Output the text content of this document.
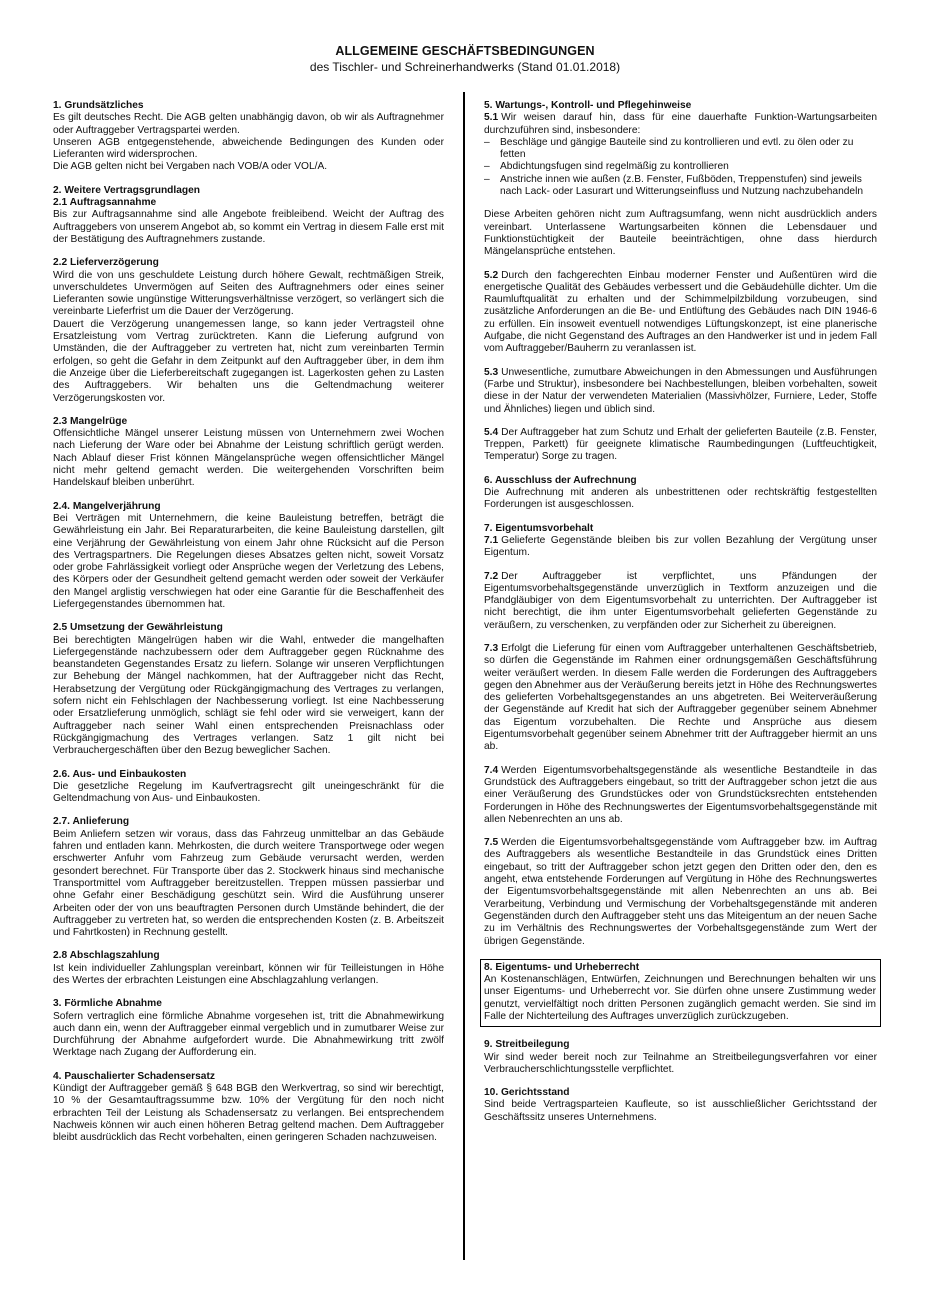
ALLGEMEINE GESCHÄFTSBEDINGUNGEN
des Tischler- und Schreinerhandwerks (Stand 01.01.2018)
1. Grundsätzliches
Es gilt deutsches Recht. Die AGB gelten unabhängig davon, ob wir als Auftragnehmer oder Auftraggeber Vertragspartei werden.
Unseren AGB entgegenstehende, abweichende Bedingungen des Kunden oder Lieferanten wird widersprochen.
Die AGB gelten nicht bei Vergaben nach VOB/A oder VOL/A.
2. Weitere Vertragsgrundlagen
2.1 Auftragsannahme
Bis zur Auftragsannahme sind alle Angebote freibleibend. Weicht der Auftrag des Auftraggebers von unserem Angebot ab, so kommt ein Vertrag in diesem Falle erst mit der Bestätigung des Auftragnehmers zustande.
2.2 Lieferverzögerung
Wird die von uns geschuldete Leistung durch höhere Gewalt, rechtmäßigen Streik, unverschuldetes Unvermögen auf Seiten des Auftragnehmers oder eines seiner Lieferanten sowie ungünstige Witterungsverhältnisse verzögert, so verlängert sich die vereinbarte Lieferfrist um die Dauer der Verzögerung.
Dauert die Verzögerung unangemessen lange, so kann jeder Vertragsteil ohne Ersatzleistung vom Vertrag zurücktreten. Kann die Lieferung aufgrund von Umständen, die der Auftraggeber zu vertreten hat, nicht zum vereinbarten Termin erfolgen, so geht die Gefahr in dem Zeitpunkt auf den Auftraggeber über, in dem ihm die Anzeige über die Lieferbereitschaft zugegangen ist. Lagerkosten gehen zu Lasten des Auftraggebers. Wir behalten uns die Geltendmachung weiterer Verzögerungskosten vor.
2.3 Mangelrüge
Offensichtliche Mängel unserer Leistung müssen von Unternehmern zwei Wochen nach Lieferung der Ware oder bei Abnahme der Leistung schriftlich gerügt werden. Nach Ablauf dieser Frist können Mängelansprüche wegen offensichtlicher Mängel nicht mehr geltend gemacht werden. Die weitergehenden Vorschriften beim Handelskauf bleiben unberührt.
2.4. Mangelverjährung
Bei Verträgen mit Unternehmern, die keine Bauleistung betreffen, beträgt die Gewährleistung ein Jahr. Bei Reparaturarbeiten, die keine Bauleistung darstellen, gilt eine Verjährung der Gewährleistung von einem Jahr ohne Rücksicht auf die Person des Vertragspartners. Die Regelungen dieses Absatzes gelten nicht, soweit Vorsatz oder grobe Fahrlässigkeit vorliegt oder Ansprüche wegen der Verletzung des Lebens, des Körpers oder der Gesundheit geltend gemacht werden oder soweit der Verkäufer den Mangel arglistig verschwiegen hat oder eine Garantie für die Beschaffenheit des Liefergegenstandes übernommen hat.
2.5 Umsetzung der Gewährleistung
Bei berechtigten Mängelrügen haben wir die Wahl, entweder die mangelhaften Liefergegenstände nachzubessern oder dem Auftraggeber gegen Rücknahme des beanstandeten Gegenstandes Ersatz zu liefern. Solange wir unseren Verpflichtungen zur Behebung der Mängel nachkommen, hat der Auftraggeber nicht das Recht, Herabsetzung der Vergütung oder Rückgängigmachung des Vertrages zu verlangen, sofern nicht ein Fehlschlagen der Nachbesserung vorliegt. Ist eine Nachbesserung oder Ersatzlieferung unmöglich, schlägt sie fehl oder wird sie verweigert, kann der Auftraggeber nach seiner Wahl einen entsprechenden Preisnachlass oder Rückgängigmachung des Vertrages verlangen. Satz 1 gilt nicht bei Verbrauchergeschäften über den Bezug beweglicher Sachen.
2.6. Aus- und Einbaukosten
Die gesetzliche Regelung im Kaufvertragsrecht gilt uneingeschränkt für die Geltendmachung von Aus- und Einbaukosten.
2.7. Anlieferung
Beim Anliefern setzen wir voraus, dass das Fahrzeug unmittelbar an das Gebäude fahren und entladen kann. Mehrkosten, die durch weitere Transportwege oder wegen erschwerter Anfuhr vom Fahrzeug zum Gebäude verursacht werden, werden gesondert berechnet. Für Transporte über das 2. Stockwerk hinaus sind mechanische Transportmittel vom Auftraggeber bereitzustellen. Treppen müssen passierbar und ohne Gefahr einer Beschädigung geschützt sein. Wird die Ausführung unserer Arbeiten oder der von uns beauftragten Personen durch Umstände behindert, die der Auftraggeber zu vertreten hat, so werden die entsprechenden Kosten (z. B. Arbeitszeit und Fahrtkosten) in Rechnung gestellt.
2.8 Abschlagszahlung
Ist kein individueller Zahlungsplan vereinbart, können wir für Teilleistungen in Höhe des Wertes der erbrachten Leistungen eine Abschlagzahlung verlangen.
3. Förmliche Abnahme
Sofern vertraglich eine förmliche Abnahme vorgesehen ist, tritt die Abnahmewirkung auch dann ein, wenn der Auftraggeber einmal vergeblich und in zumutbarer Weise zur Durchführung der Abnahme aufgefordert wurde. Die Abnahmewirkung tritt zwölf Werktage nach Zugang der Aufforderung ein.
4. Pauschalierter Schadensersatz
Kündigt der Auftraggeber gemäß § 648 BGB den Werkvertrag, so sind wir berechtigt, 10 % der Gesamtauftragssumme bzw. 10% der Vergütung für den noch nicht erbrachten Teil der Leistung als Schadensersatz zu verlangen. Bei entsprechendem Nachweis können wir auch einen höheren Betrag geltend machen. Dem Auftraggeber bleibt ausdrücklich das Recht vorbehalten, einen geringeren Schaden nachzuweisen.
5. Wartungs-, Kontroll- und Pflegehinweise
5.1 Wir weisen darauf hin, dass für eine dauerhafte Funktion-Wartungsarbeiten durchzuführen sind, insbesondere:
– Beschläge und gängige Bauteile sind zu kontrollieren und evtl. zu ölen oder zu fetten
– Abdichtungsfugen sind regelmäßig zu kontrollieren
– Anstriche innen wie außen (z.B. Fenster, Fußböden, Treppenstufen) sind jeweils nach Lack- oder Lasurart und Witterungseinfluss und Nutzung nachzubehandeln
Diese Arbeiten gehören nicht zum Auftragsumfang, wenn nicht ausdrücklich anders vereinbart. Unterlassene Wartungsarbeiten können die Lebensdauer und Funktionstüchtigkeit der Bauteile beeinträchtigen, ohne dass hierdurch Mängelansprüche entstehen.
5.2 Durch den fachgerechten Einbau moderner Fenster und Außentüren wird die energetische Qualität des Gebäudes verbessert und die Gebäudehülle dichter. Um die Raumluftqualität zu erhalten und der Schimmelpilzbildung vorzubeugen, sind zusätzliche Anforderungen an die Be- und Entlüftung des Gebäudes nach DIN 1946-6 zu erfüllen. Ein insoweit eventuell notwendiges Lüftungskonzept, ist eine planerische Aufgabe, die nicht Gegenstand des Auftrages an den Handwerker ist und in jedem Fall vom Auftraggeber/Bauherrn zu veranlassen ist.
5.3 Unwesentliche, zumutbare Abweichungen in den Abmessungen und Ausführungen (Farbe und Struktur), insbesondere bei Nachbestellungen, bleiben vorbehalten, soweit diese in der Natur der verwendeten Materialien (Massivhölzer, Furniere, Leder, Stoffe und Ähnliches) liegen und üblich sind.
5.4 Der Auftraggeber hat zum Schutz und Erhalt der gelieferten Bauteile (z.B. Fenster, Treppen, Parkett) für geeignete klimatische Raumbedingungen (Luftfeuchtigkeit, Temperatur) Sorge zu tragen.
6. Ausschluss der Aufrechnung
Die Aufrechnung mit anderen als unbestrittenen oder rechtskräftig festgestellten Forderungen ist ausgeschlossen.
7. Eigentumsvorbehalt
7.1 Gelieferte Gegenstände bleiben bis zur vollen Bezahlung der Vergütung unser Eigentum.
7.2 Der Auftraggeber ist verpflichtet, uns Pfändungen der Eigentumsvorbehaltsgegenstände unverzüglich in Textform anzuzeigen und die Pfandgläubiger von dem Eigentumsvorbehalt zu unterrichten. Der Auftraggeber ist nicht berechtigt, die ihm unter Eigentumsvorbehalt gelieferten Gegenstände zu veräußern, zu verschenken, zu verpfänden oder zur Sicherheit zu übereignen.
7.3 Erfolgt die Lieferung für einen vom Auftraggeber unterhaltenen Geschäftsbetrieb, so dürfen die Gegenstände im Rahmen einer ordnungsgemäßen Geschäftsführung weiter veräußert werden. In diesem Falle werden die Forderungen des Auftraggebers gegen den Abnehmer aus der Veräußerung bereits jetzt in Höhe des Rechnungswertes des gelieferten Vorbehaltsgegenstandes an uns abgetreten. Bei Weiterveräußerung der Gegenstände auf Kredit hat sich der Auftraggeber gegenüber seinem Abnehmer das Eigentum vorzubehalten. Die Rechte und Ansprüche aus diesem Eigentumsvorbehalt gegenüber seinem Abnehmer tritt der Auftraggeber hiermit an uns ab.
7.4 Werden Eigentumsvorbehaltsgegenstände als wesentliche Bestandteile in das Grundstück des Auftraggebers eingebaut, so tritt der Auftraggeber schon jetzt die aus einer Veräußerung des Grundstückes oder von Grundstücksrechten entstehenden Forderungen in Höhe des Rechnungswertes der Eigentumsvorbehaltsgegenstände mit allen Nebenrechten an uns ab.
7.5 Werden die Eigentumsvorbehaltsgegenstände vom Auftraggeber bzw. im Auftrag des Auftraggebers als wesentliche Bestandteile in das Grundstück eines Dritten eingebaut, so tritt der Auftraggeber schon jetzt gegen den Dritten oder den, den es angeht, etwa entstehende Forderungen auf Vergütung in Höhe des Rechnungswertes der Eigentumsvorbehaltsgegenstände mit allen Nebenrechten an uns ab. Bei Verarbeitung, Verbindung und Vermischung der Vorbehaltsgegenstände mit anderen Gegenständen durch den Auftraggeber steht uns das Miteigentum an der neuen Sache zu im Verhältnis des Rechnungswertes der Vorbehaltsgegenstände zum Wert der übrigen Gegenstände.
8. Eigentums- und Urheberrecht
An Kostenanschlägen, Entwürfen, Zeichnungen und Berechnungen behalten wir uns unser Eigentums- und Urheberrecht vor. Sie dürfen ohne unsere Zustimmung weder genutzt, vervielfältigt noch dritten Personen zugänglich gemacht werden. Sie sind im Falle der Nichterteilung des Auftrages unverzüglich zurückzugeben.
9. Streitbeilegung
Wir sind weder bereit noch zur Teilnahme an Streitbeilegungsverfahren vor einer Verbraucherschlichtungsstelle verpflichtet.
10. Gerichtsstand
Sind beide Vertragsparteien Kaufleute, so ist ausschließlicher Gerichtsstand der Geschäftssitz unseres Unternehmens.
